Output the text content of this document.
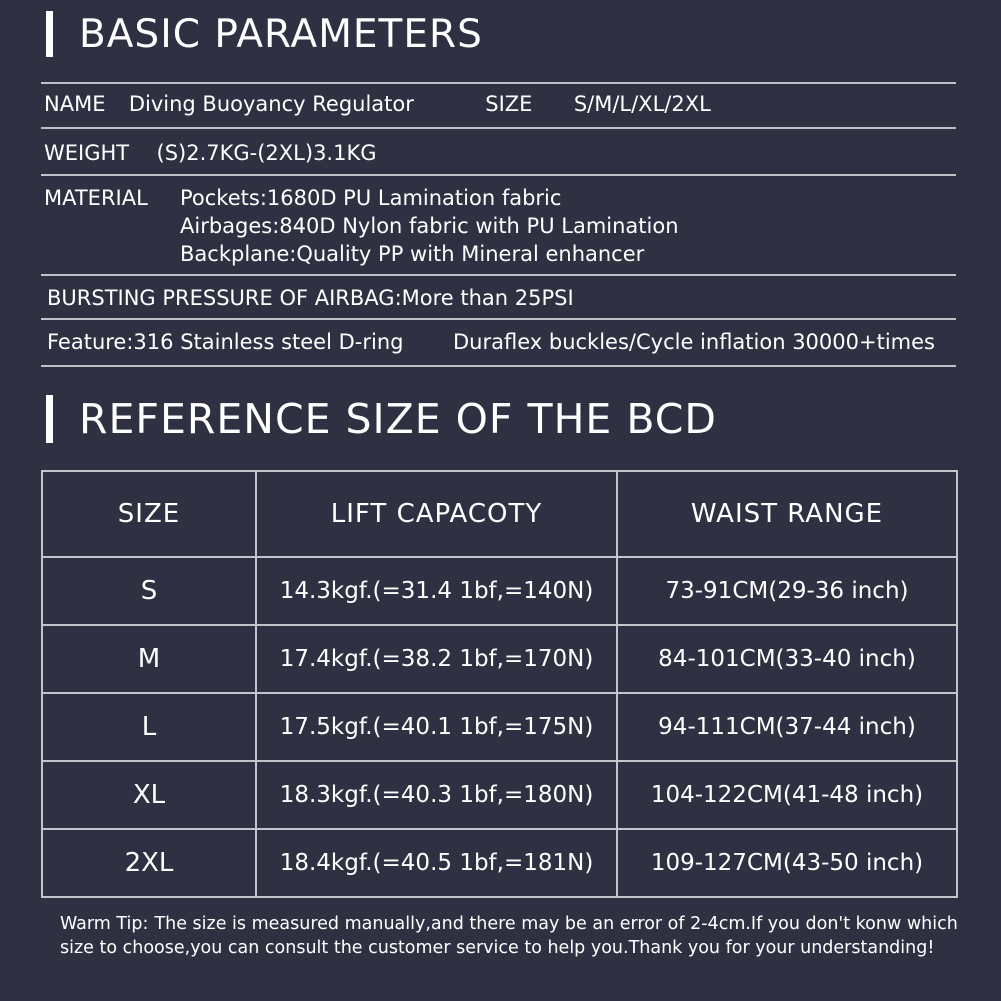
BASIC PARAMETERS
NAME Diving Buoyancy Regulator	SIZE S/M/L/XL/2XL
WEIGHT (S)2.7KG-(2XL)3.1KG
MATERIAL Pockets:1680D PU Lamination fabric
Airbages:840D Nylon fabric with PU Lamination
Backplane:Quality PP with Mineral enhancer
BURSTING PRESSURE OF AIRBAG:More than 25PSI
Feature:316 Stainless steel D-ring Duraflex buckles/Cycle inflation 30000+times
REFERENCE SIZE OF THE BCD
SIZE	LIFT CAPACOTY	WAIST RANGE
S	14.3kgf.(=31.4 1bf,=140N)	73-91CM(29-36 inch)
M	17.4kgf.(=38.2 1bf,=170N)	84-101CM(33-40 inch)
L	17.5kgf.(=40.1 1bf,=175N)	94-111CM(37-44 inch)
XL	18.3kgf.(=40.3 1bf,=180N)	104-122CM(41-48 inch)
2XL	18.4kgf.(=40.5 1bf,=181N)	109-127CM(43-50 inch)
Warm Tip: The size is measured manually,and there may be an error of 2-4cm.If you don't konw which size to choose,you can consult the customer service to help you.Thank you for your understanding!
